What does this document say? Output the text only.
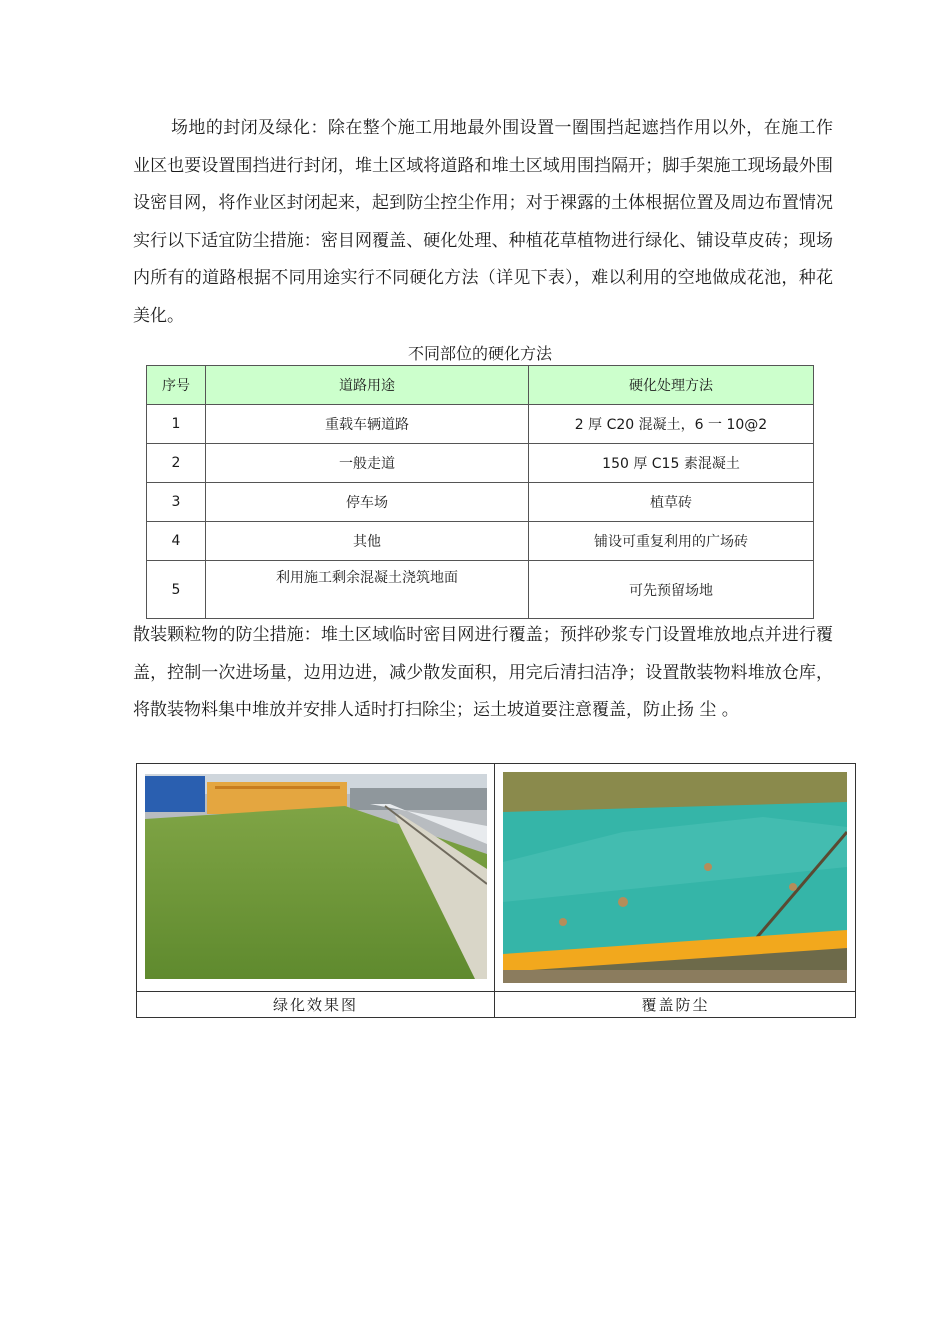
场地的封闭及绿化：除在整个施工用地最外围设置一圈围挡起遮挡作用以外，在施工作业区也要设置围挡进行封闭，堆土区域将道路和堆土区域用围挡隔开；脚手架施工现场最外围设密目网，将作业区封闭起来，起到防尘控尘作用；对于裸露的土体根据位置及周边布置情况实行以下适宜防尘措施：密目网覆盖、硬化处理、种植花草植物进行绿化、铺设草皮砖；现场内所有的道路根据不同用途实行不同硬化方法（详见下表），难以利用的空地做成花池，种花美化。

不同部位的硬化方法
序号	道路用途	硬化处理方法
1	重载车辆道路	2 厚 C20 混凝土，6 一 10@2
2	一般走道	150 厚 C15 素混凝土
3	停车场	植草砖
4	其他	铺设可重复利用的广场砖
5	利用施工剩余混凝土浇筑地面	可先预留场地

散装颗粒物的防尘措施：堆土区域临时密目网进行覆盖；预拌砂浆专门设置堆放地点并进行覆盖，控制一次进场量，边用边进，减少散发面积，用完后清扫洁净；设置散装物料堆放仓库，将散装物料集中堆放并安排人适时打扫除尘；运土坡道要注意覆盖，防止扬 尘 。

绿化效果图	覆盖防尘
